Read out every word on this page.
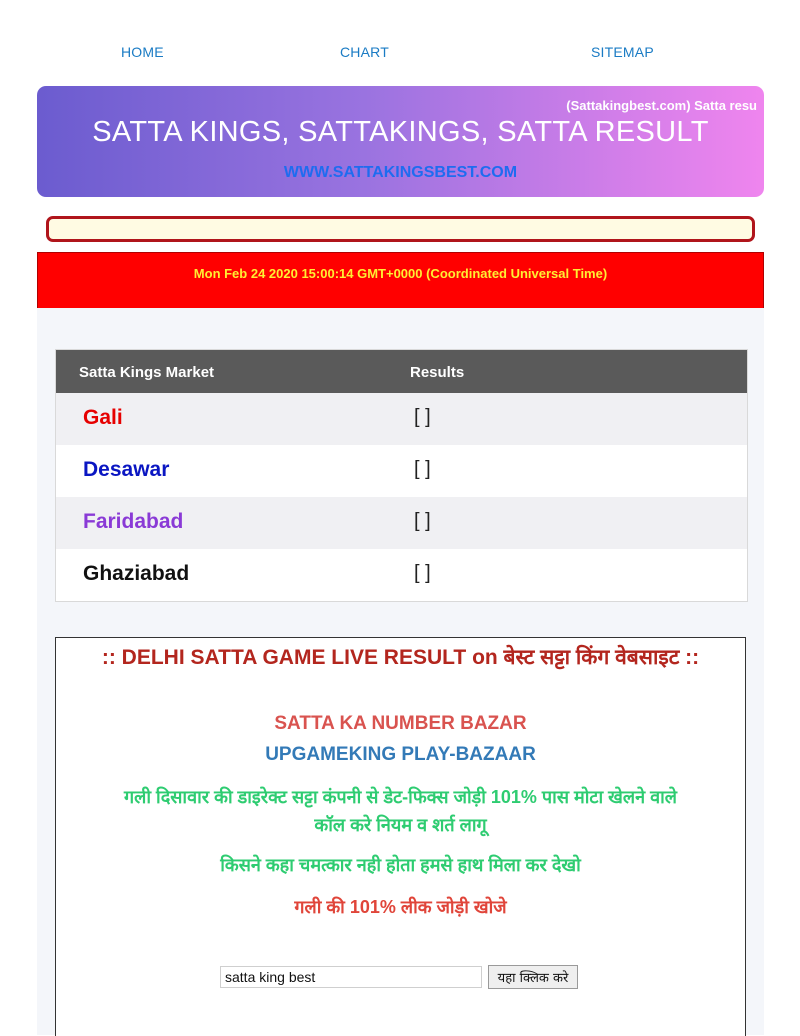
HOME	CHART	SITEMAP
(Sattakingbest.com) Satta resu
SATTA KINGS, SATTAKINGS, SATTA RESULT
WWW.SATTAKINGSBEST.COM
Mon Feb 24 2020 15:00:14 GMT+0000 (Coordinated Universal Time)
Satta Kings Market	Results
Gali	[ ]
Desawar	[ ]
Faridabad	[ ]
Ghaziabad	[ ]
:: DELHI SATTA GAME LIVE RESULT on बेस्ट सट्टा किंग वेबसाइट ::
SATTA KA NUMBER BAZAR
UPGAMEKING PLAY-BAZAAR
गली दिसावार की डाइरेक्ट सट्टा कंपनी से डेट-फिक्स जोड़ी 101% पास मोटा खेलने वाले
कॉल करे नियम व शर्त लागू
किसने कहा चमत्कार नही होता हमसे हाथ मिला कर देखो
गली की 101% लीक जोड़ी खोजे
satta king best
यहा क्लिक करे
